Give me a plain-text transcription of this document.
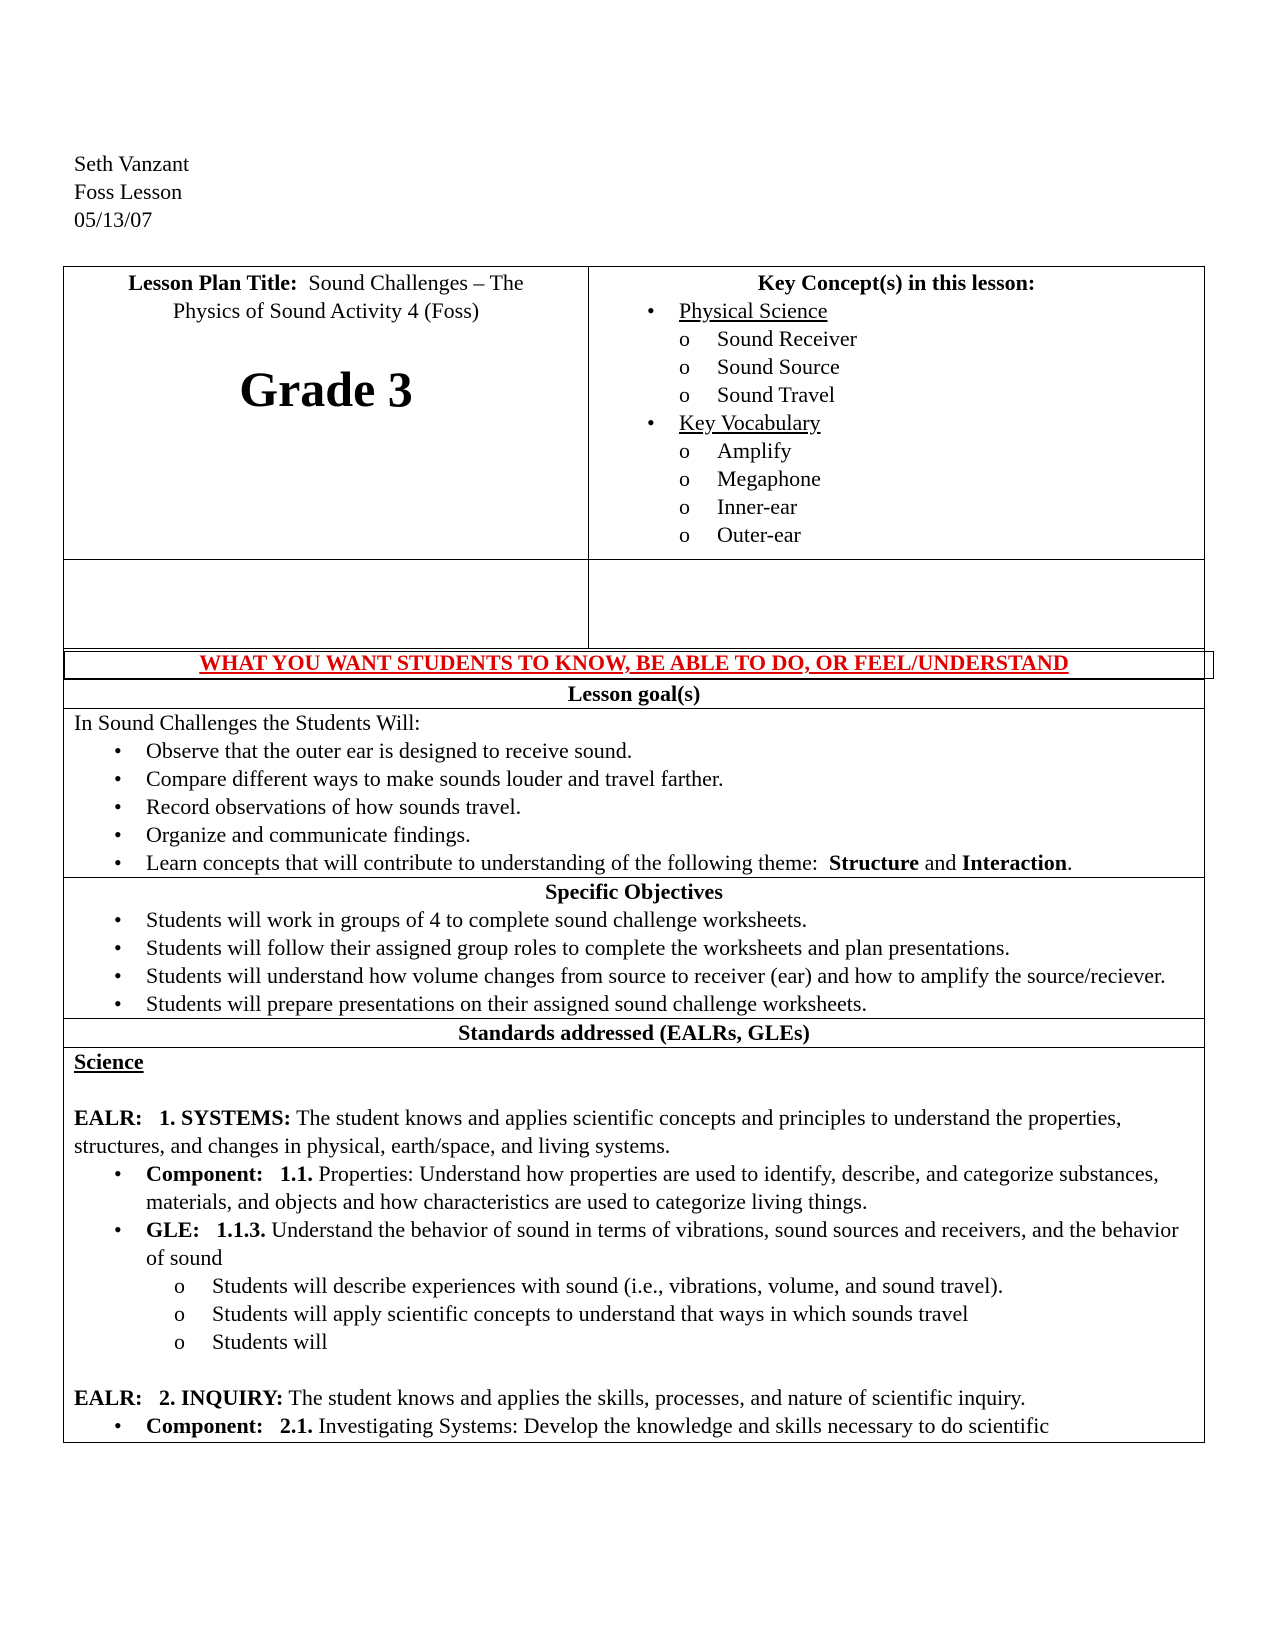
Seth Vanzant
Foss Lesson
05/13/07
Lesson Plan Title: Sound Challenges – The
Physics of Sound Activity 4 (Foss)
Grade 3
Key Concept(s) in this lesson:
• Physical Science
o Sound Receiver
o Sound Source
o Sound Travel
• Key Vocabulary
o Amplify
o Megaphone
o Inner-ear
o Outer-ear
WHAT YOU WANT STUDENTS TO KNOW, BE ABLE TO DO, OR FEEL/UNDERSTAND
Lesson goal(s)
In Sound Challenges the Students Will:
• Observe that the outer ear is designed to receive sound.
• Compare different ways to make sounds louder and travel farther.
• Record observations of how sounds travel.
• Organize and communicate findings.
• Learn concepts that will contribute to understanding of the following theme: Structure and Interaction.
Specific Objectives
• Students will work in groups of 4 to complete sound challenge worksheets.
• Students will follow their assigned group roles to complete the worksheets and plan presentations.
• Students will understand how volume changes from source to receiver (ear) and how to amplify the source/reciever.
• Students will prepare presentations on their assigned sound challenge worksheets.
Standards addressed (EALRs, GLEs)
Science
EALR: 1. SYSTEMS: The student knows and applies scientific concepts and principles to understand the properties, structures, and changes in physical, earth/space, and living systems.
• Component: 1.1. Properties: Understand how properties are used to identify, describe, and categorize substances, materials, and objects and how characteristics are used to categorize living things.
• GLE: 1.1.3. Understand the behavior of sound in terms of vibrations, sound sources and receivers, and the behavior of sound
o Students will describe experiences with sound (i.e., vibrations, volume, and sound travel).
o Students will apply scientific concepts to understand that ways in which sounds travel
o Students will
EALR: 2. INQUIRY: The student knows and applies the skills, processes, and nature of scientific inquiry.
• Component: 2.1. Investigating Systems: Develop the knowledge and skills necessary to do scientific
